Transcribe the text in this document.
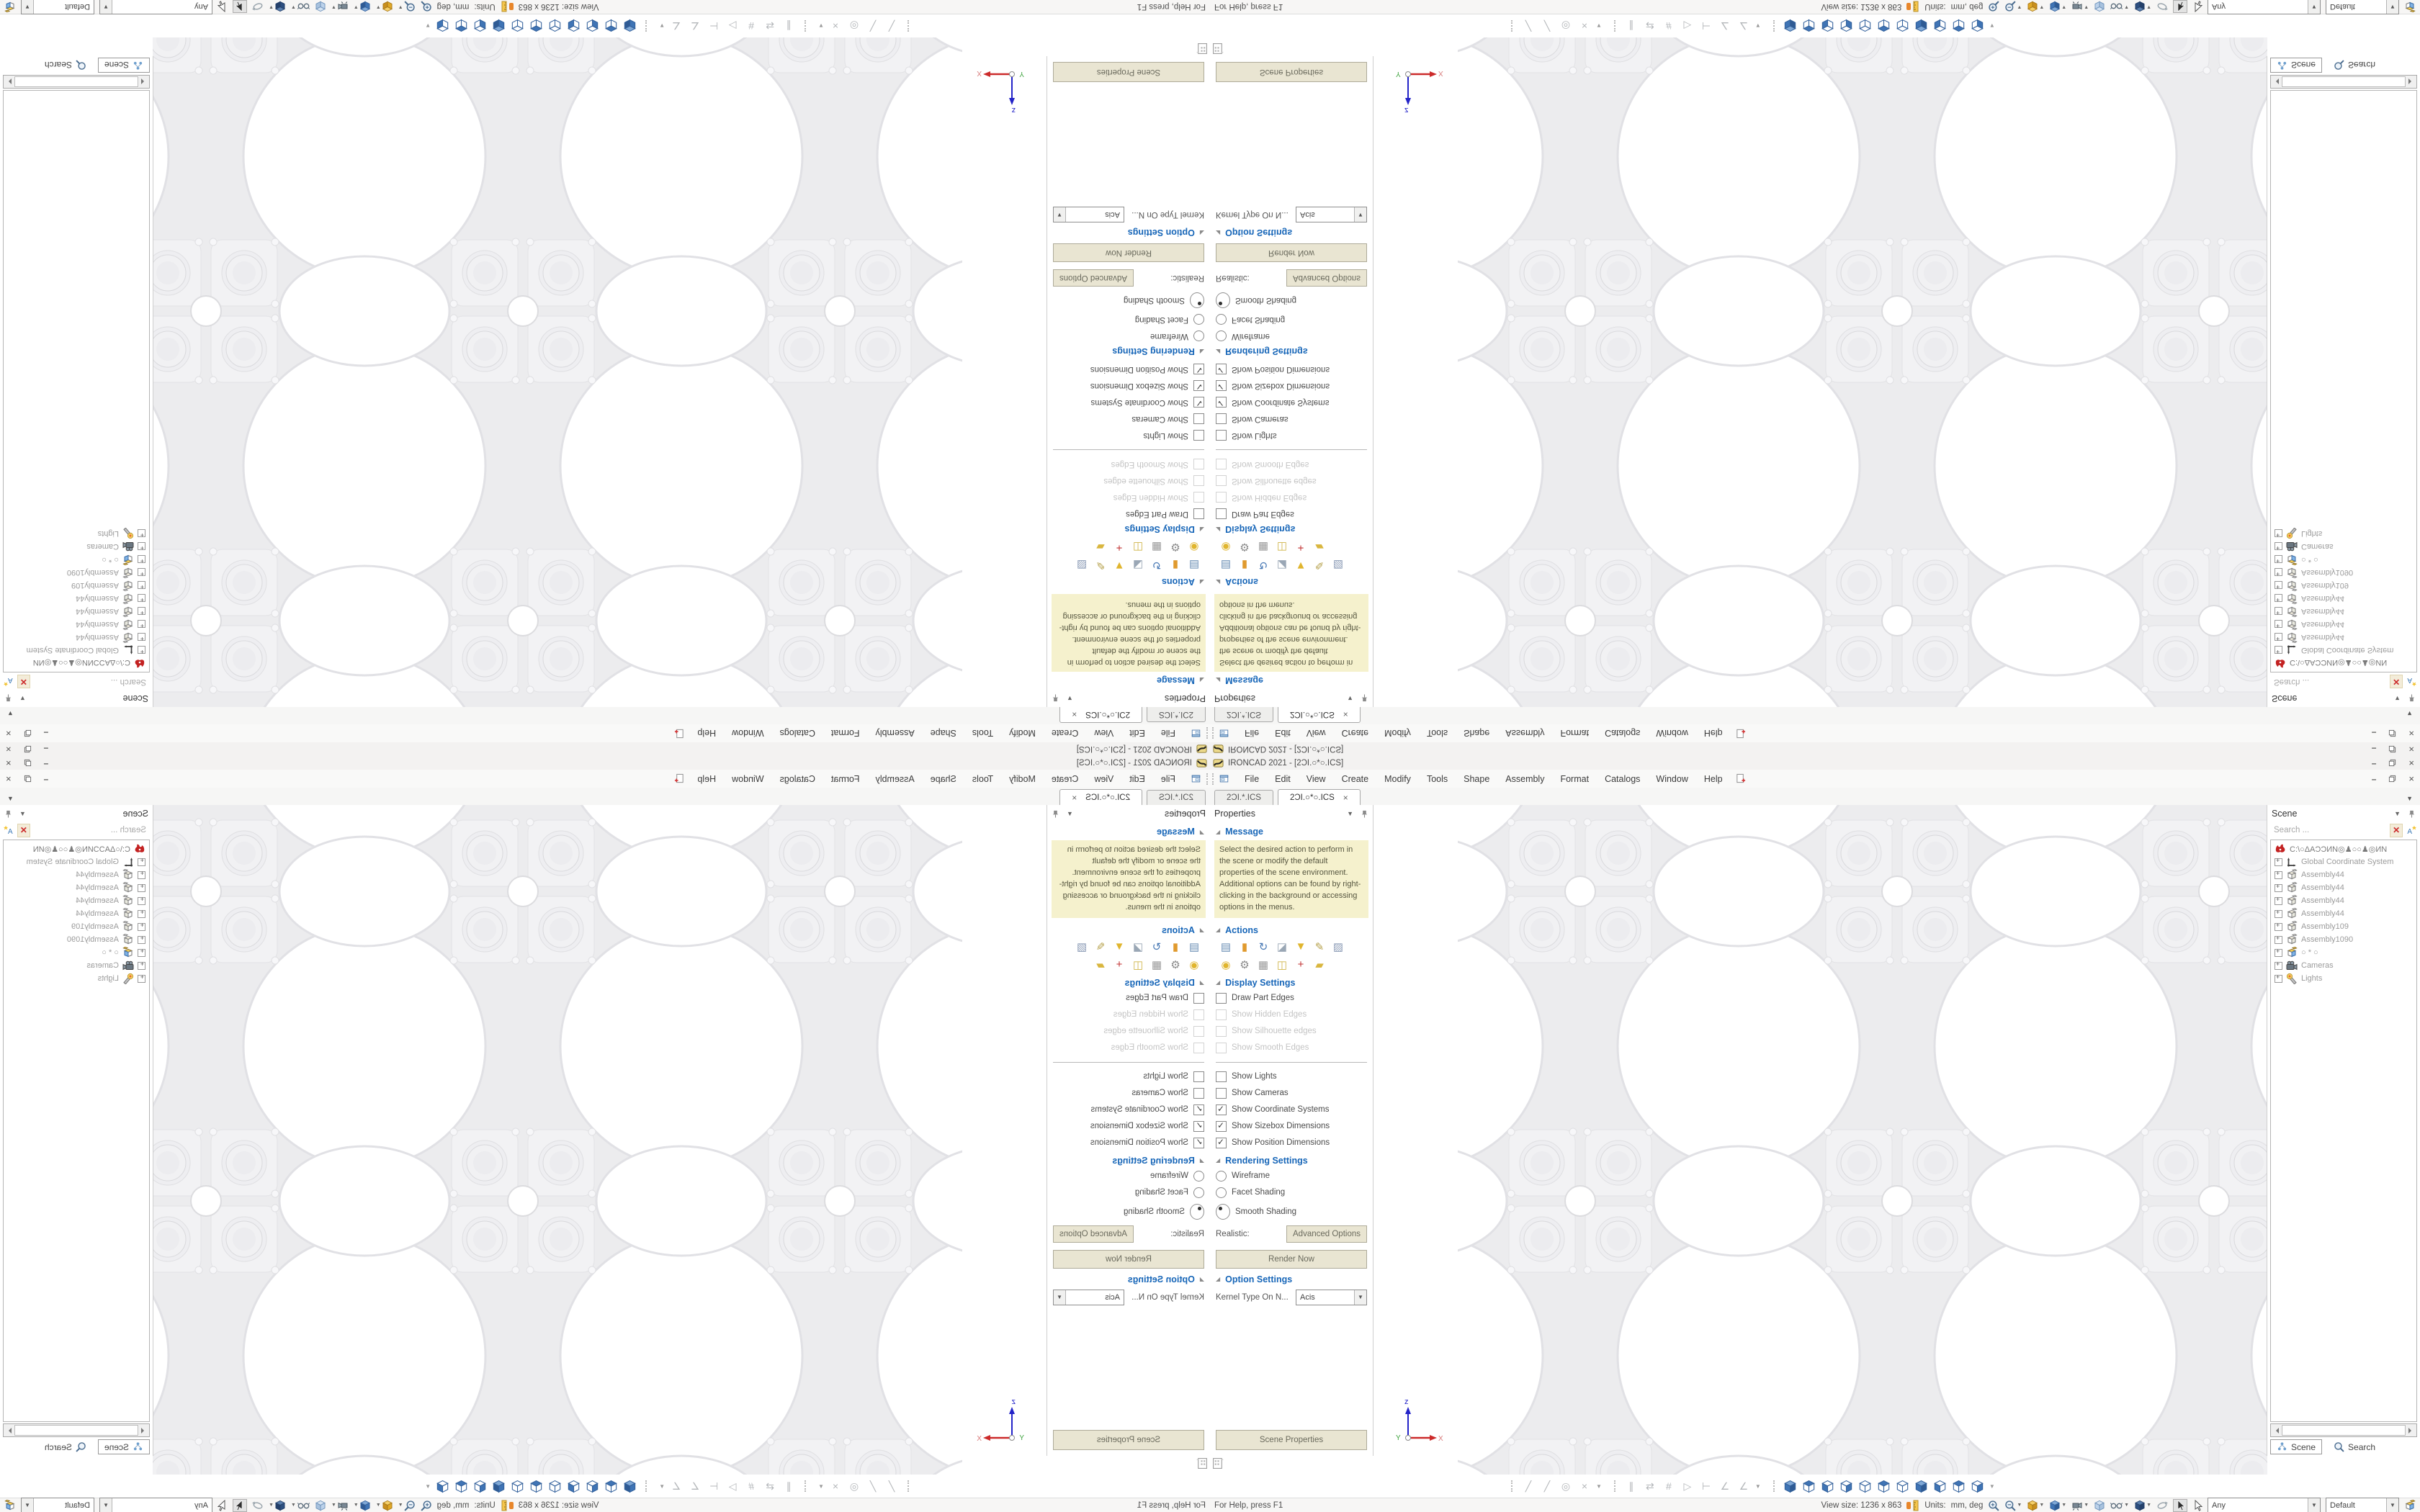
IRONCAD 2021 - [2ƆI.○*○.ICS]
–
×
File
Edit
View
Create
Modify
Tools
Shape
Assembly
Format
Catalogs
Window
Help
–
×
2ƆI.*.ICS
2ƆI.○*○.ICS
×
▼
Properties
▼
◢
Message
Select the desired action to perform in the scene or modify the default properties of the scene environment. Additional options can be found by right-clicking in the background or accessing options in the menus.
◢
Actions
▤
▮
↻
◪
▼
✎
▨
◉
⚙
▦
◫
+
▰
◢
Display Settings
Draw Part Edges
Show Hidden Edges
Show Silhouette edges
Show Smooth Edges
Show Lights
Show Cameras
✓
Show Coordinate Systems
✓
Show Sizebox Dimensions
✓
Show Position Dimensions
◢
Rendering Settings
Wireframe
Facet Shading
Smooth Shading
Realistic:
Advanced Options
Render Now
◢
Option Settings
Kernel Type On N...
Acis
▼
Scene Properties
z
X	Y
Scene
▼
Search ...
✕
C:\○ΔAƆƆИN◎♟○○♟◎ИN
+
Global Coordinate System
+
Assembly44
+
Assembly44
+
Assembly44
+
Assembly44
+
Assembly109
+
Assembly1090
+
○ * ○
+
Cameras
+
Lights
Scene
Search
╱
╱
◎
×
▼
∥
⇄
#
▷
⊢
∠
∠
▼
▼
For Help, press F1
View size: 1236 x 863
Units:
mm, deg
▼
▼
▼
▼
▼
▼
Any
▼
Default
▼
IRONCAD 2021 - [2ƆI.○*○.ICS]	–	×
File	Edit	View	Create	Modify	Tools	Shape	Assembly	Format	Catalogs	Window	Help	–	×
2ƆI.*.ICS	2ƆI.○*○.ICS ×	▼
Properties	▼
◢ Message
Select the desired action to perform in the scene or modify the default properties of the scene environment. Additional options can be found by right-clicking in the background or accessing options in the menus.
◢ Actions
▤ ▮	↻ ◪ ▼ ✎ ▨
◉ ⚙ ▦ ◫ +	▰
◢ Display Settings
Draw Part Edges
Show Hidden Edges
Show Silhouette edges
Show Smooth Edges
Show Lights
Show Cameras
✓
Show Coordinate Systems
✓
Show Sizebox Dimensions
✓
Show Position Dimensions
◢ Rendering Settings
Wireframe
Facet Shading
Smooth Shading
Realistic:	Advanced Options
Render Now
◢ Option Settings
Kernel Type On N...	Acis	▼
Scene Properties
z
X
Y
Scene	▼
Search ...
✕
C:\○ΔAƆƆИN◎♟○○♟◎ИN
+
Global Coordinate System
+
Assembly44
+
Assembly44
+
Assembly44
+
Assembly44
+
Assembly109
+
Assembly1090
+
○ * ○
+
Cameras
+
Lights
Scene	Search
╱	╱	◎	×	▼	∥	⇄	#	▷	⊢ ∠ ∠	▼	▼
For Help, press F1	View size: 1236 x 863	Units: mm, deg	▼	▼	▼	▼	▼	▼	Any	▼	Default	▼
IRONCAD 2021 - [2ƆI.○*○.ICS]
–
×
File
Edit
View
Create
Modify
Tools
Shape
Assembly
Format
Catalogs
Window
Help
–
×
2ƆI.*.ICS
2ƆI.○*○.ICS
×
▼
Properties
▼
◢
Message
Select the desired action to perform in the scene or modify the default properties of the scene environment. Additional options can be found by right-clicking in the background or accessing options in the menus.
◢
Actions
▤
▮
↻
◪
▼
✎
▨
◉
⚙
▦
◫
+
▰
◢
Display Settings
Draw Part Edges
Show Hidden Edges
Show Silhouette edges
Show Smooth Edges
Show Lights
Show Cameras
✓
Show Coordinate Systems
✓
Show Sizebox Dimensions
✓
Show Position Dimensions
◢
Rendering Settings
Wireframe
Facet Shading
Smooth Shading
Realistic:
Advanced Options
Render Now
◢
Option Settings
Kernel Type On N...
Acis
▼
Scene Properties
z
X	Y
Scene
▼
Search ...
✕
C:\○ΔAƆƆИN◎♟○○♟◎ИN
+
Global Coordinate System
+
Assembly44
+
Assembly44
+
Assembly44
+
Assembly44
+
Assembly109
+
Assembly1090
+
○ * ○
+
Cameras
+
Lights
Scene
Search
╱
╱
◎
×
▼
∥
⇄
#
▷
⊢
∠
∠
▼
▼
For Help, press F1
View size: 1236 x 863
Units:
mm, deg
▼
▼
▼
▼
▼
▼
Any
▼
Default
▼
IRONCAD 2021 - [2ƆI.○*○.ICS]	–	×
File	Edit	View	Create	Modify	Tools	Shape	Assembly	Format	Catalogs	Window	Help	–	×
2ƆI.*.ICS	2ƆI.○*○.ICS ×	▼
Properties	▼
◢ Message
Select the desired action to perform in the scene or modify the default properties of the scene environment. Additional options can be found by right-clicking in the background or accessing options in the menus.
◢ Actions
▤ ▮	↻ ◪ ▼ ✎ ▨
◉ ⚙ ▦ ◫ +	▰
◢ Display Settings
Draw Part Edges
Show Hidden Edges
Show Silhouette edges
Show Smooth Edges
Show Lights
Show Cameras
✓
Show Coordinate Systems
✓
Show Sizebox Dimensions
✓
Show Position Dimensions
◢ Rendering Settings
Wireframe
Facet Shading
Smooth Shading
Realistic:	Advanced Options
Render Now
◢ Option Settings
Kernel Type On N...	Acis	▼
Scene Properties
z
X
Y
Scene	▼
Search ...
✕
C:\○ΔAƆƆИN◎♟○○♟◎ИN
+
Global Coordinate System
+
Assembly44
+
Assembly44
+
Assembly44
+
Assembly44
+
Assembly109
+
Assembly1090
+
○ * ○
+
Cameras
+
Lights
Scene	Search
╱	╱	◎	×	▼	∥	⇄	#	▷	⊢ ∠ ∠	▼	▼
For Help, press F1	View size: 1236 x 863	Units: mm, deg	▼	▼	▼	▼	▼	▼	Any	▼	Default	▼
